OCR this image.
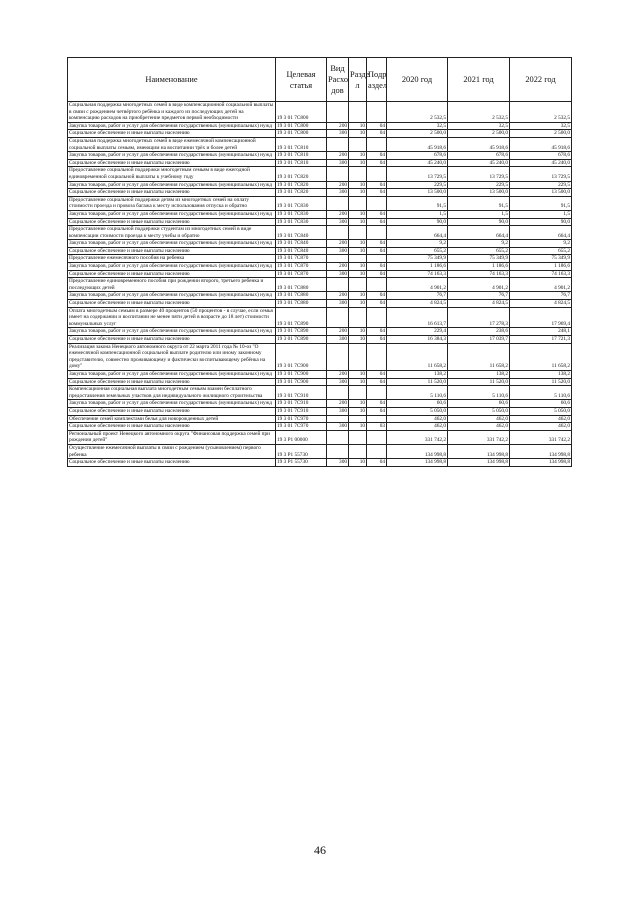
Наименование	Целевая статья	Вид Расхо дов	Разде л	Подр аздел	2020 год	2021 год	2022 год
Социальная поддержка многодетных семей в виде компенсационной социальной выплаты в связи с рождением четвёртого ребёнка и каждого из последующих детей на компенсацию расходов на приобретение предметов первой необходимости	19 3 01 7С800				2 532,5	2 532,5	2 532,5
Закупка товаров, работ и услуг для обеспечения государственных (муниципальных) нужд	19 3 01 7С800	200	10	04	32,5	32,5	32,5
Социальное обеспечение и иные выплаты населению	19 3 01 7С800	300	10	04	2 500,0	2 500,0	2 500,0
Социальная поддержка многодетных семей в виде ежемесячной компенсационной социальной выплаты семьям, имеющим на воспитании трёх и более детей	19 3 01 7С810				45 918,6	45 918,6	45 918,6
Закупка товаров, работ и услуг для обеспечения государственных (муниципальных) нужд	19 3 01 7С810	200	10	04	678,6	678,6	678,6
Социальное обеспечение и иные выплаты населению	19 3 01 7С810	300	10	04	45 240,0	45 240,0	45 240,0
Предоставление социальной поддержки многодетным семьям в виде ежегодной единовременной социальной выплаты к учебному году	19 3 01 7С820				13 729,5	13 729,5	13 729,5
Закупка товаров, работ и услуг для обеспечения государственных (муниципальных) нужд	19 3 01 7С820	200	10	04	229,5	229,5	229,5
Социальное обеспечение и иные выплаты населению	19 3 01 7С820	300	10	04	13 500,0	13 500,0	13 500,0
Предоставление социальной поддержки детям из многодетных семей на оплату стоимости проезда и провоза багажа к месту использования отпуска и обратно	19 3 01 7С830				91,5	91,5	91,5
Закупка товаров, работ и услуг для обеспечения государственных (муниципальных) нужд	19 3 01 7С830	200	10	04	1,5	1,5	1,5
Социальное обеспечение и иные выплаты населению	19 3 01 7С830	300	10	04	90,0	90,0	90,0
Предоставление социальной поддержки студентам из многодетных семей в виде компенсации стоимости проезда к месту учебы и обратно	19 3 01 7С840				664,4	664,4	664,4
Закупка товаров, работ и услуг для обеспечения государственных (муниципальных) нужд	19 3 01 7С840	200	10	04	9,2	9,2	9,2
Социальное обеспечение и иные выплаты населению	19 3 01 7С840	300	10	04	655,2	655,2	655,2
Предоставление ежемесячного пособия на ребенка	19 3 01 7С870				75 349,9	75 349,9	75 349,9
Закупка товаров, работ и услуг для обеспечения государственных (муниципальных) нужд	19 3 01 7С870	200	10	04	1 186,6	1 186,6	1 186,6
Социальное обеспечение и иные выплаты населению	19 3 01 7С870	300	10	04	74 163,3	74 163,3	74 163,3
Предоставление единовременного пособия при рождении второго, третьего ребенка и последующих детей	19 3 01 7С880				4 901,2	4 901,2	4 901,2
Закупка товаров, работ и услуг для обеспечения государственных (муниципальных) нужд	19 3 01 7С880	200	10	04	76,7	76,7	76,7
Социальное обеспечение и иные выплаты населению	19 3 01 7С880	300	10	04	4 824,5	4 824,5	4 824,5
Оплата многодетным семьям в размере 40 процентов (50 процентов - в случае, если семья имеет на содержании и воспитании не менее пяти детей в возрасте до 18 лет) стоимости коммунальных услуг	19 3 01 7С890				16 613,7	17 278,3	17 969,4
Закупка товаров, работ и услуг для обеспечения государственных (муниципальных) нужд	19 3 01 7С890	200	10	04	229,4	238,6	248,1
Социальное обеспечение и иные выплаты населению	19 3 01 7С890	300	10	04	16 384,3	17 039,7	17 721,3
Реализация закона Ненецкого автономного округа от 22 марта 2011 года № 10-оз "О ежемесячной компенсационной социальной выплате родителю или иному законному представителю, совместно проживающему и фактически воспитывающему ребёнка на дому"	19 3 01 7С900				11 658,2	11 658,2	11 658,2
Закупка товаров, работ и услуг для обеспечения государственных (муниципальных) нужд	19 3 01 7С900	200	10	04	138,2	138,2	138,2
Социальное обеспечение и иные выплаты населению	19 3 01 7С900	300	10	04	11 520,0	11 520,0	11 520,0
Компенсационная социальная выплата многодетным семьям взамен бесплатного предоставления земельных участков для индивидуального жилищного строительства	19 3 01 7С910				5 110,6	5 110,6	5 110,6
Закупка товаров, работ и услуг для обеспечения государственных (муниципальных) нужд	19 3 01 7С910	200	10	04	60,6	60,6	60,6
Социальное обеспечение и иные выплаты населению	19 3 01 7С910	300	10	04	5 050,0	5 050,0	5 050,0
Обеспечение семей комплектами белья для новорожденных детей	19 3 01 7С970				462,0	462,0	462,0
Социальное обеспечение и иные выплаты населению	19 3 01 7С970	300	10	03	462,0	462,0	462,0
Региональный проект Ненецкого автономного округа "Финансовая поддержка семей при рождении детей"	19 3 Р1 00000				331 742,2	331 742,2	331 742,2
Осуществление ежемесячной выплаты в связи с рождением (усыновлением) первого ребенка	19 3 Р1 55730				134 998,8	134 998,8	134 998,8
Социальное обеспечение и иные выплаты населению	19 3 Р1 55730	300	10	04	134 998,8	134 998,8	134 998,8
46
